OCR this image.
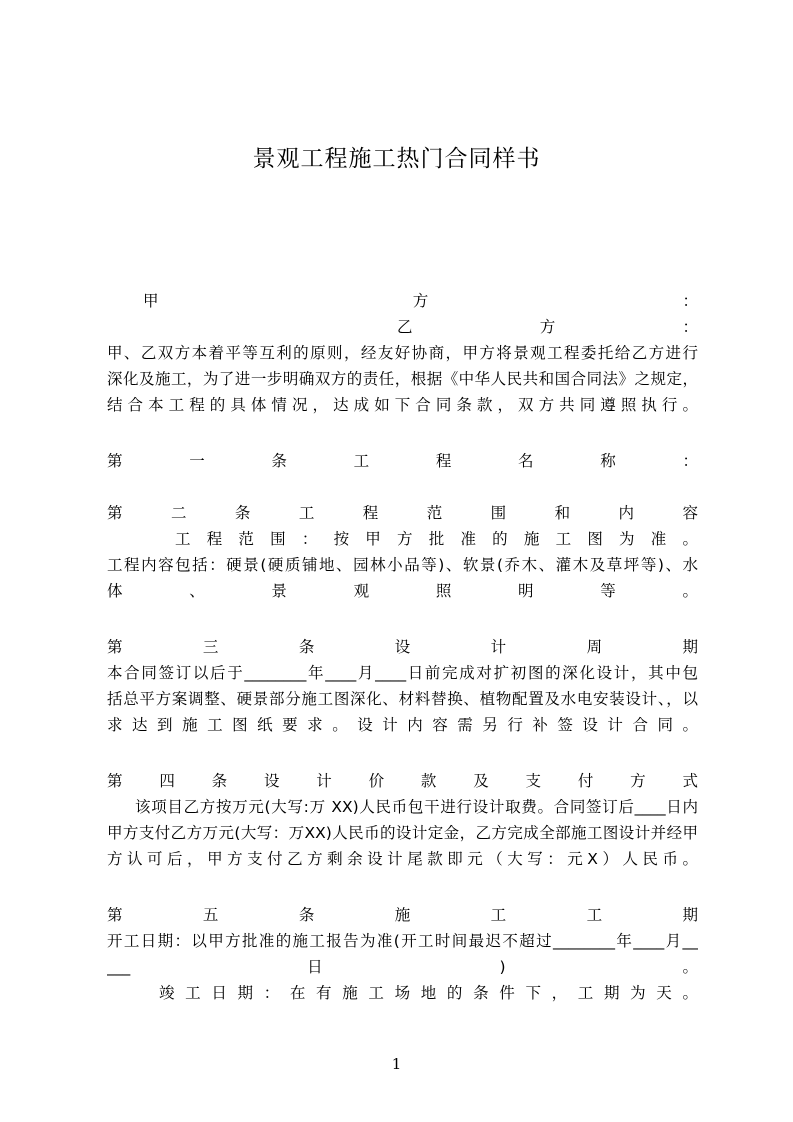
景观工程施工热门合同样书
甲	方	：
乙	方	：
甲、乙双方本着平等互利的原则，经友好协商，甲方将景观工程委托给乙方进行
深化及施工，为了进一步明确双方的责任，根据《中华人民共和国合同法》之规定，
结合本工程的具体情况，达成如下合同条款，双方共同遵照执行。
第一条工程名称：
第二条工程范围和内容
工程范围：按甲方批准的施工图为准。
工程内容包括：硬景(硬质铺地、园林小品等)、软景(乔木、灌木及草坪等)、水
体、景观照明等。
第三条设计周期
本合同签订以后于________年____月____日前完成对扩初图的深化设计，其中包
括总平方案调整、硬景部分施工图深化、材料替换、植物配置及水电安装设计、，以
求达到施工图纸要求。设计内容需另行补签设计合同。
第四条设计价款及支付方式
该项目乙方按万元(大写:万 XX)人民币包干进行设计取费。合同签订后____日内
甲方支付乙方万元(大写：万XX)人民币的设计定金，乙方完成全部施工图设计并经甲
方认可后，甲方支付乙方剩余设计尾款即元（大写：元X）人民币。
第五条施工工期
开工日期：以甲方批准的施工报告为准(开工时间最迟不超过________年____月__
___日)。
竣工日期：在有施工场地的条件下，工期为天。
1
